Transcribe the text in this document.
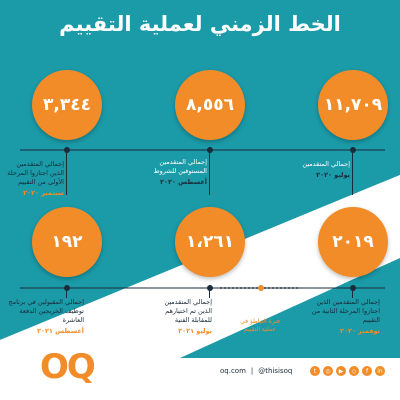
الخط الزمني لعملية التقييم
١١,٧٠٩
٨,٥٥٦
٣,٣٤٤
إجمالي المتقدمين
يوليو ٢٠٢٠
إجمالي المتقدمين المستوفين للشروط
أغسطس ٢٠٢٠
إجمالي المتقدمين الذين اجتازوا المرحلة الأولى من التقييم
سبتمبر ٢٠٢٠
٢٠١٩
١،٢٦١
١٩٢
إجمالي المتقدمين الذين اجتازوا المرحلة الثانية من التقييم
نوفمبر ٢٠٢٠
إجمالي المتقدمين الذين تم اختيارهم للمقابلة الفنية
يوليو ٢٠٢١
إجمالي المقبولين في برنامج توظيف الخريجين الدفعة العاشرة
أغسطس ٢٠٢١
فترة التباطؤ في عملية التقييم
OQ	oq.com | @thisisoq	t	◎	▶	◇	f	in
